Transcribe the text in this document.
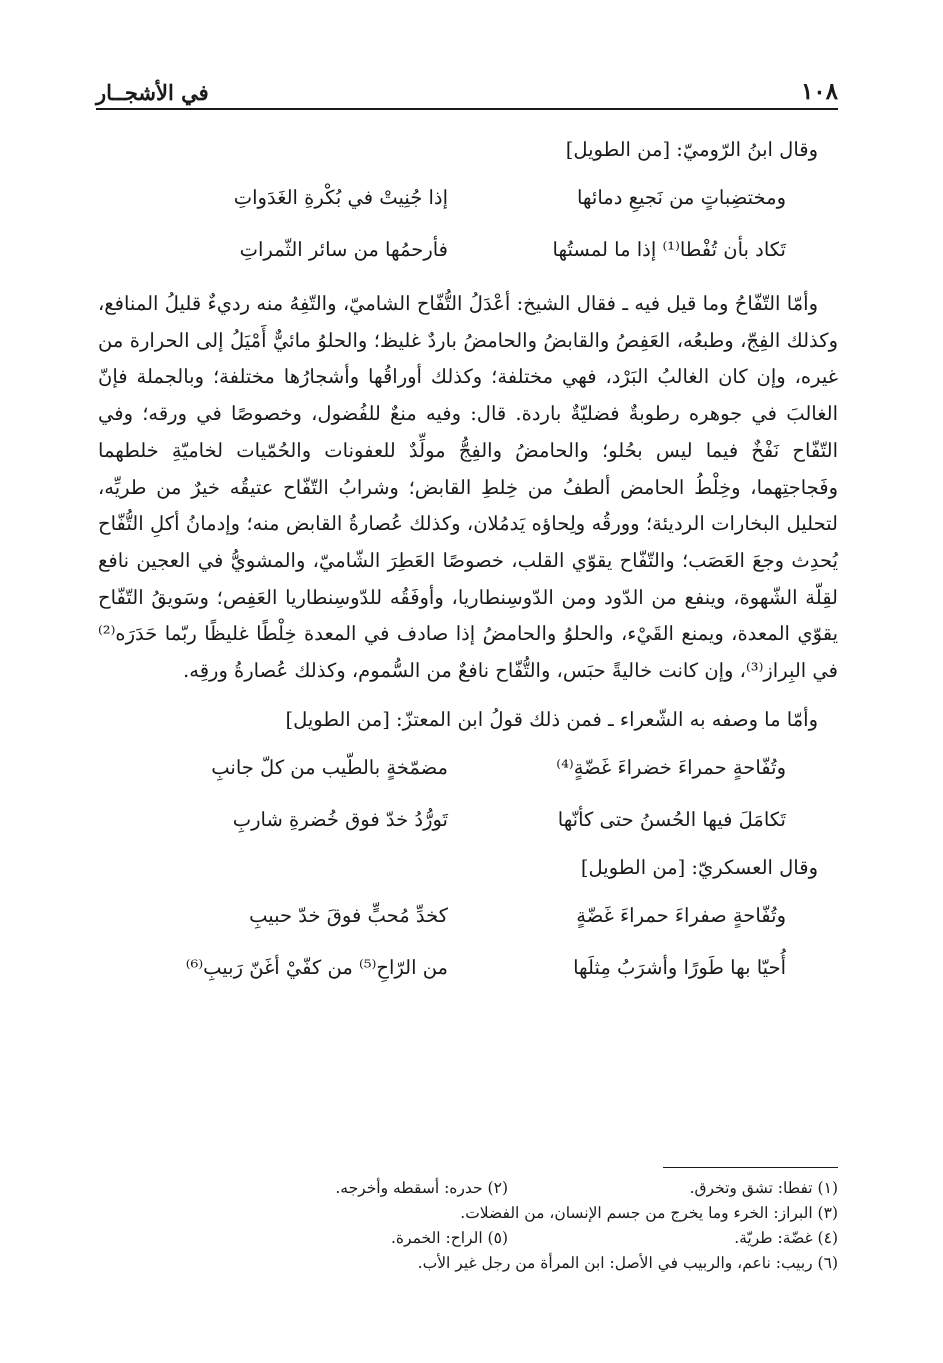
١٠٨
في الأشجــار
وقال ابنُ الرّوميّ: [من الطويل]
ومختضِباتٍ من نَجيعِ دمائها
إذا جُنِيتْ في بُكْرةِ الغَدَواتِ
تَكاد بأن تُفْطا⁽¹⁾ إذا ما لمستُها
فأرحمُها من سائر الثّمراتِ

وأمّا التّفّاحُ وما قيل فيه ـ فقال الشيخ: أعْدَلُ التُّفّاح الشاميّ، والتّفِهُ منه رديءٌ قليلُ المنافع، وكذلك الفِجّ، وطبعُه، العَفِصُ والقابضُ والحامضُ باردٌ غليظ؛ والحلوُ مائيٌّ أَمْيَلُ إلى الحرارة من غيره، وإن كان الغالبُ البَرْد، فهي مختلفة؛ وكذلك أوراقُها وأشجارُها مختلفة؛ وبالجملة فإنّ الغالبَ في جوهره رطوبةٌ فضليّةٌ باردة. قال: وفيه منعٌ للفُضول، وخصوصًا في ورقه؛ وفي التّفّاح نَفْخٌ فيما ليس بحُلو؛ والحامضُ والفِجُّ مولِّدٌ للعفونات والحُمّيات لخاميّةِ خلطهما وفَجاجتِهما، وخِلْطُ الحامض ألطفُ من خِلطِ القابض؛ وشرابُ التّفّاح عتيقُه خيرٌ من طريِّه، لتحليل البخارات الرديئة؛ وورقُه ولِحاؤه يَدمُلان، وكذلك عُصارةُ القابض منه؛ وإدمانُ أكلِ التُّفّاح يُحدِث وجعَ العَصَب؛ والتّفّاح يقوّي القلب، خصوصًا العَطِرَ الشّاميّ، والمشويُّ في العجين نافع لقِلّة الشّهوة، وينفع من الدّود ومن الدّوسِنطاريا، وأوفَقُه للدّوسِنطاريا العَفِص؛ وسَويقُ التّفّاح يقوّي المعدة، ويمنع القَيْء، والحلوُ والحامضُ إذا صادف في المعدة خِلْطًا غليظًا ربّما حَدَرَه⁽²⁾ في البِراز⁽³⁾، وإن كانت خاليةً حبَس، والتُّفّاح نافعٌ من السُّموم، وكذلك عُصارةُ ورقِه.

وأمّا ما وصفه به الشّعراء ـ فمن ذلك قولُ ابن المعتزّ: [من الطويل]
وتُفّاحةٍ حمراءَ خضراءَ غَضّةٍ⁽⁴⁾
مضمّخةٍ بالطّيب من كلّ جانبِ
تَكامَلَ فيها الحُسنُ حتى كأنّها
تَورُّدُ خدّ فوق خُضرةِ شاربِ
وقال العسكريّ: [من الطويل]
وتُفّاحةٍ صفراءَ حمراءَ غَضّةٍ
كخدِّ مُحبٍّ فوقَ خدّ حبيبِ
أُحيّا بها طَورًا وأشرَبُ مِثلَها
من الرّاحِ⁽⁵⁾ من كفّيْ أغَنّ رَبيبِ⁽⁶⁾
(١) تفطا: تشق وتخرق.
(٢) حدره: أسقطه وأخرجه.
(٣) البراز: الخرء وما يخرج من جسم الإنسان، من الفضلات.
(٤) غضّة: طريّة.
(٥) الراح: الخمرة.
(٦) ربيب: ناعم، والربيب في الأصل: ابن المرأة من رجل غير الأب.
